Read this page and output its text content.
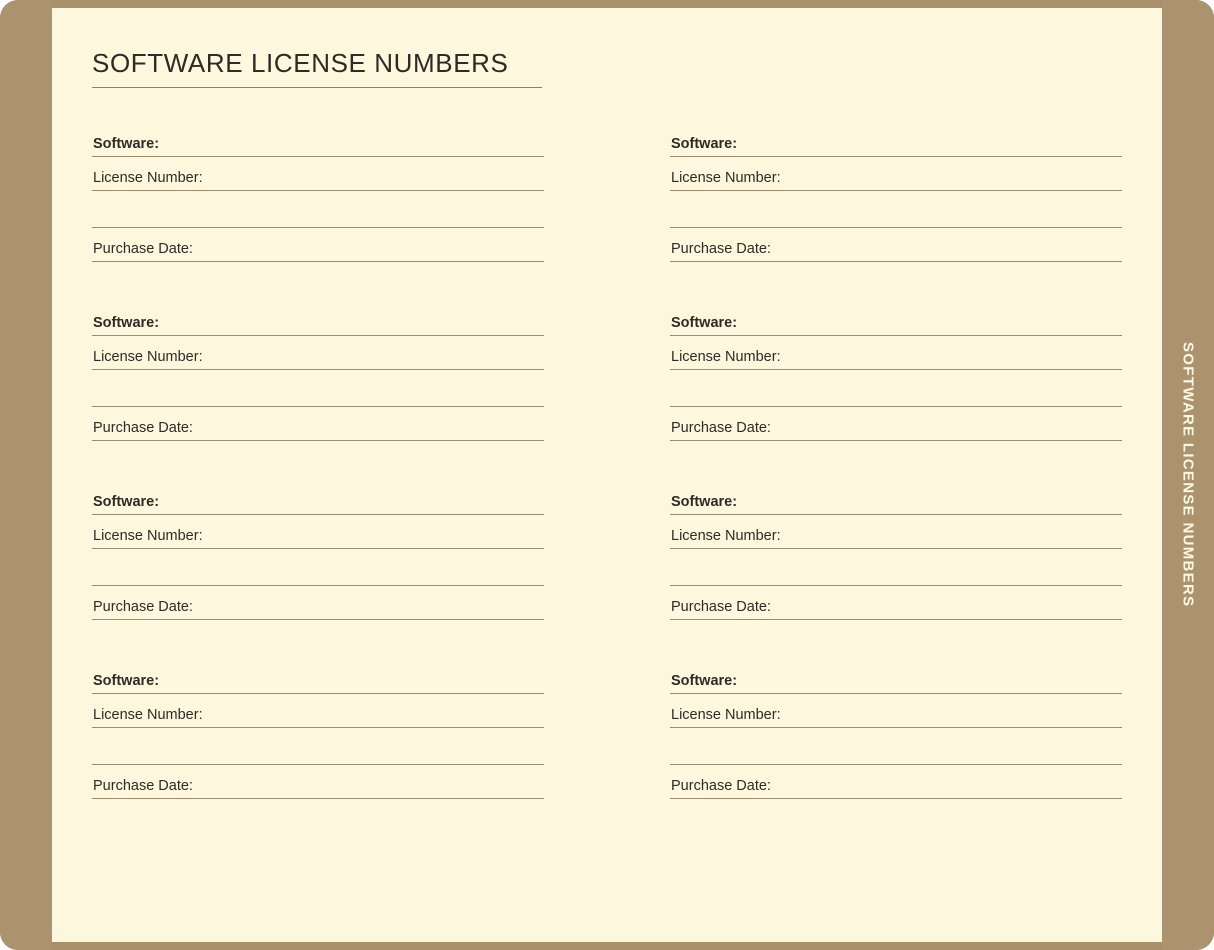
SOFTWARE LICENSE NUMBERS
SOFTWARE LICENSE NUMBERS
Software:
License Number:
Purchase Date:
Software:
License Number:
Purchase Date:
Software:
License Number:
Purchase Date:
Software:
License Number:
Purchase Date:
Software:
License Number:
Purchase Date:
Software:
License Number:
Purchase Date:
Software:
License Number:
Purchase Date:
Software:
License Number:
Purchase Date:
